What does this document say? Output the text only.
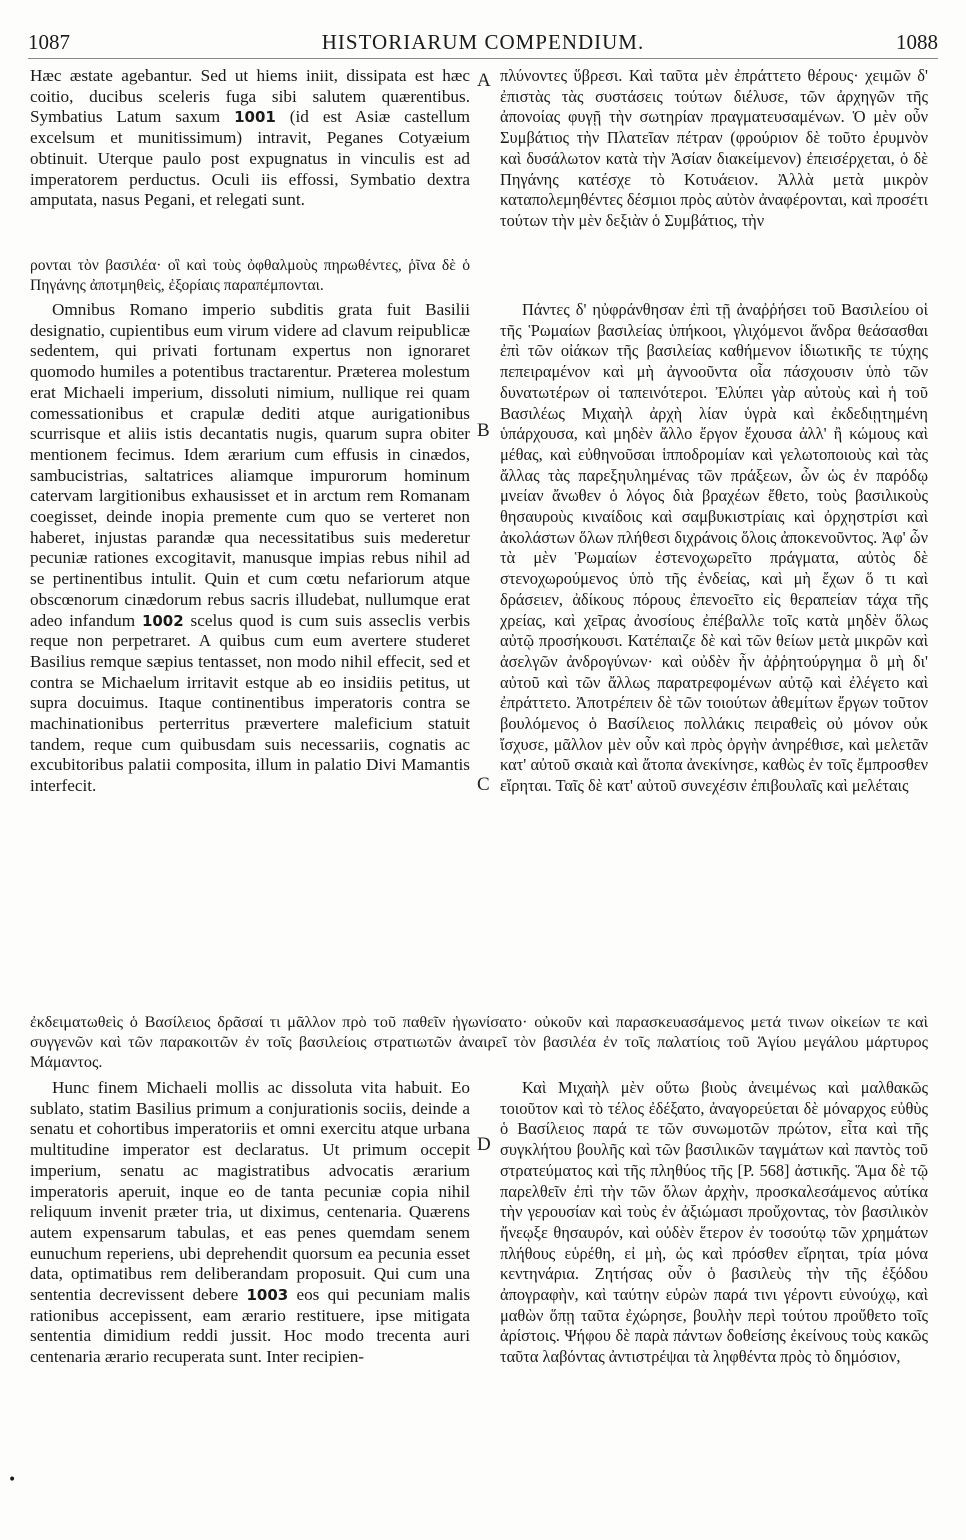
1087	HISTORIARUM COMPENDIUM.	1088

Hæc æstate agebantur. Sed ut hiems iniit, dissipata est hæc coitio, ducibus sceleris fuga sibi salutem quærentibus. Symbatius Latum saxum 1001 (id est Asiæ castellum excelsum et munitissimum) intravit, Peganes Cotyæium obtinuit. Uterque paulo post expugnatus in vinculis est ad imperatorem perductus. Oculi iis effossi, Symbatio dextra amputata, nasus Pegani, et relegati sunt.

πλύνοντες ὕβρεσι. Καὶ ταῦτα μὲν ἐπράττετο θέρους· χειμῶν δ' ἐπιστὰς τὰς συστάσεις τούτων διέλυσε, τῶν ἀρχηγῶν τῆς ἀπονοίας φυγῇ τὴν σωτηρίαν πραγματευσαμένων. Ὁ μὲν οὖν Συμβάτιος τὴν Πλατεῖαν πέτραν (φρούριον δὲ τοῦτο ἐρυμνὸν καὶ δυσάλωτον κατὰ τὴν Ἀσίαν διακείμενον) ἐπεισέρχεται, ὁ δὲ Πηγάνης κατέσχε τὸ Κοτυάειον. Ἀλλὰ μετὰ μικρὸν καταπολεμηθέντες δέσμιοι πρὸς αὐτὸν ἀναφέρονται, καὶ προσέτι τούτων τὴν μὲν δεξιὰν ὁ Συμβάτιος, τὴν

ρονται τὸν βασιλέα· οἳ καὶ τοὺς ὀφθαλμοὺς πηρωθέντες, ῥῖνα δὲ ὁ Πηγάνης ἀποτμηθεὶς, ἐξορίαις παραπέμπονται.

Omnibus Romano imperio subditis grata fuit Basilii designatio, cupientibus eum virum videre ad clavum reipublicæ sedentem, qui privati fortunam expertus non ignoraret quomodo humiles a potentibus tractarentur. Præterea molestum erat Michaeli imperium, dissoluti nimium, nullique rei quam comessationibus et crapulæ dediti atque aurigationibus scurrisque et aliis istis decantatis nugis, quarum supra obiter mentionem fecimus. Idem ærarium cum effusis in cinædos, sambucistrias, saltatrices aliamque impurorum hominum catervam largitionibus exhausisset et in arctum rem Romanam coegisset, deinde inopia premente cum quo se verteret non haberet, injustas parandæ qua necessitatibus suis mederetur pecuniæ rationes excogitavit, manusque impias rebus nihil ad se pertinentibus intulit. Quin et cum cœtu nefariorum atque obscœnorum cinædorum rebus sacris illudebat, nullumque erat adeo infandum 1002 scelus quod is cum suis asseclis verbis reque non perpetraret. A quibus cum eum avertere studeret Basilius remque sæpius tentasset, non modo nihil effecit, sed et contra se Michaelum irritavit estque ab eo insidiis petitus, ut supra docuimus. Itaque continentibus imperatoris contra se machinationibus perterritus prævertere maleficium statuit tandem, reque cum quibusdam suis necessariis, cognatis ac excubitoribus palatii composita, illum in palatio Divi Mamantis interfecit.

Πάντες δ' ηὐφράνθησαν ἐπὶ τῇ ἀναῤῥήσει τοῦ Βασιλείου οἱ τῆς Ῥωμαίων βασιλείας ὑπήκοοι, γλιχόμενοι ἄνδρα θεάσασθαι ἐπὶ τῶν οἰάκων τῆς βασιλείας καθήμενον ἰδιωτικῆς τε τύχης πεπειραμένον καὶ μὴ ἀγνοοῦντα οἷα πάσχουσιν ὑπὸ τῶν δυνατωτέρων οἱ ταπεινότεροι. Ἐλύπει γὰρ αὐτοὺς καὶ ἡ τοῦ Βασιλέως Μιχαὴλ ἀρχὴ λίαν ὑγρὰ καὶ ἐκδεδιῃτημένη ὑπάρχουσα, καὶ μηδὲν ἄλλο ἔργον ἔχουσα ἀλλ' ἢ κώμους καὶ μέθας, καὶ εὐθηνοῦσαι ἱπποδρομίαν καὶ γελωτοποιοὺς καὶ τὰς ἄλλας τὰς παρεξηυλημένας τῶν πράξεων, ὧν ὡς ἐν παρόδῳ μνείαν ἄνωθεν ὁ λόγος διὰ βραχέων ἔθετο, τοὺς βασιλικοὺς θησαυροὺς κιναίδοις καὶ σαμβυκιστρίαις καὶ ὀρχηστρίσι καὶ ἀκολάστων ὅλων πλήθεσι διχράνοις ὅλοις ἀποκενοῦντος. Ἀφ' ὧν τὰ μὲν Ῥωμαίων ἐστενοχωρεῖτο πράγματα, αὐτὸς δὲ στενοχωρούμενος ὑπὸ τῆς ἐνδείας, καὶ μὴ ἔχων ὅ τι καὶ δράσειεν, ἀδίκους πόρους ἐπενοεῖτο εἰς θεραπείαν τάχα τῆς χρείας, καὶ χεῖρας ἀνοσίους ἐπέβαλλε τοῖς κατὰ μηδὲν ὅλως αὐτῷ προσήκουσι. Κατέπαιζε δὲ καὶ τῶν θείων μετὰ μικρῶν καὶ ἀσελγῶν ἀνδρογύνων· καὶ οὐδὲν ἦν ἀῤῥητούργημα ὃ μὴ δι' αὐτοῦ καὶ τῶν ἄλλως παρατρεφομένων αὐτῷ καὶ ἐλέγετο καὶ ἐπράττετο. Ἀποτρέπειν δὲ τῶν τοιούτων ἀθεμίτων ἔργων τοῦτον βουλόμενος ὁ Βασίλειος πολλάκις πειραθεὶς οὐ μόνον οὐκ ἴσχυσε, μᾶλλον μὲν οὖν καὶ πρὸς ὀργὴν ἀνηρέθισε, καὶ μελετᾶν κατ' αὐτοῦ σκαιὰ καὶ ἄτοπα ἀνεκίνησε, καθὼς ἐν τοῖς ἔμπροσθεν εἴρηται. Ταῖς δὲ κατ' αὐτοῦ συνεχέσιν ἐπιβουλαῖς καὶ μελέταις

ἐκδειματωθεὶς ὁ Βασίλειος δρᾶσαί τι μᾶλλον πρὸ τοῦ παθεῖν ἠγωνίσατο· οὐκοῦν καὶ παρασκευασάμενος μετά τινων οἰκείων τε καὶ συγγενῶν καὶ τῶν παρακοιτῶν ἐν τοῖς βασιλείοις στρατιωτῶν ἀναιρεῖ τὸν βασιλέα ἐν τοῖς παλατίοις τοῦ Ἁγίου μεγάλου μάρτυρος Μάμαντος.

Hunc finem Michaeli mollis ac dissoluta vita habuit. Eo sublato, statim Basilius primum a conjurationis sociis, deinde a senatu et cohortibus imperatoriis et omni exercitu atque urbana multitudine imperator est declaratus. Ut primum occepit imperium, senatu ac magistratibus advocatis ærarium imperatoris aperuit, inque eo de tanta pecuniæ copia nihil reliquum invenit præter tria, ut diximus, centenaria. Quærens autem expensarum tabulas, et eas penes quemdam senem eunuchum reperiens, ubi deprehendit quorsum ea pecunia esset data, optimatibus rem deliberandam proposuit. Qui cum una sententia decrevissent debere 1003 eos qui pecuniam malis rationibus accepissent, eam ærario restituere, ipse mitigata sententia dimidium reddi jussit. Hoc modo trecenta auri centenaria ærario recuperata sunt. Inter recipien-

Καὶ Μιχαὴλ μὲν οὕτω βιοὺς ἀνειμένως καὶ μαλθακῶς τοιοῦτον καὶ τὸ τέλος ἐδέξατο, ἀναγορεύεται δὲ μόναρχος εὐθὺς ὁ Βασίλειος παρά τε τῶν συνωμοτῶν πρώτον, εἶτα καὶ τῆς συγκλήτου βουλῆς καὶ τῶν βασιλικῶν ταγμάτων καὶ παντὸς τοῦ στρατεύματος καὶ τῆς πληθύος τῆς [P. 568] ἀστικῆς. Ἅμα δὲ τῷ παρελθεῖν ἐπὶ τὴν τῶν ὅλων ἀρχὴν, προσκαλεσάμενος αὐτίκα τὴν γερουσίαν καὶ τοὺς ἐν ἀξιώμασι προὔχοντας, τὸν βασιλικὸν ἤνεῳξε θησαυρόν, καὶ οὐδὲν ἕτερον ἐν τοσούτῳ τῶν χρημάτων πλήθους εὑρέθη, εἰ μὴ, ὡς καὶ πρόσθεν εἴρηται, τρία μόνα κεντηνάρια. Ζητήσας οὖν ὁ βασιλεὺς τὴν τῆς ἐξόδου ἀπογραφὴν, καὶ ταύτην εὑρὼν παρά τινι γέροντι εὐνούχῳ, καὶ μαθὼν ὅπῃ ταῦτα ἐχώρησε, βουλὴν περὶ τούτου προὔθετο τοῖς ἀρίστοις. Ψήφου δὲ παρὰ πάντων δοθείσης ἐκείνους τοὺς κακῶς ταῦτα λαβόντας ἀντιστρέψαι τὰ ληφθέντα πρὸς τὸ δημόσιον,

A
B
C
D
•
